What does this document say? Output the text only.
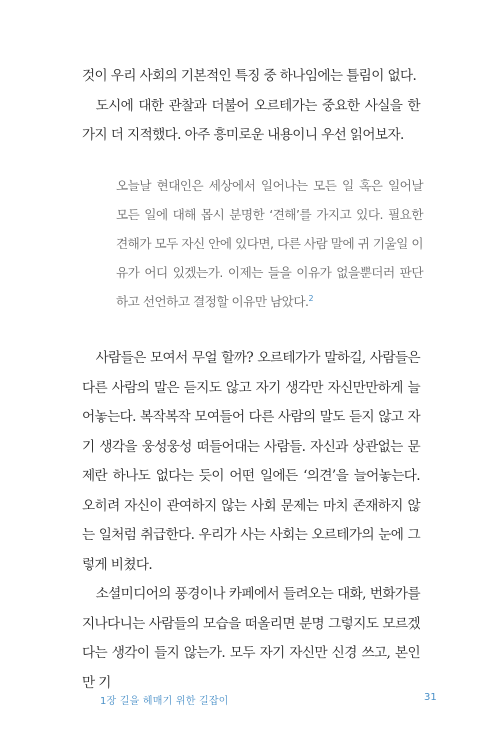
것이 우리 사회의 기본적인 특징 중 하나임에는 틀림이 없다.

도시에 대한 관찰과 더불어 오르테가는 중요한 사실을 한 가지 더 지적했다. 아주 흥미로운 내용이니 우선 읽어보자.

오늘날 현대인은 세상에서 일어나는 모든 일 혹은 일어날 모든 일에 대해 몹시 분명한 ‘견해’를 가지고 있다. 필요한 견해가 모두 자신 안에 있다면, 다른 사람 말에 귀 기울일 이유가 어디 있겠는가. 이제는 들을 이유가 없을뿐더러 판단하고 선언하고 결정할 이유만 남았다.$^2$

사람들은 모여서 무얼 할까? 오르테가가 말하길, 사람들은 다른 사람의 말은 듣지도 않고 자기 생각만 자신만만하게 늘어놓는다. 복작복작 모여들어 다른 사람의 말도 듣지 않고 자기 생각을 웅성웅성 떠들어대는 사람들. 자신과 상관없는 문제란 하나도 없다는 듯이 어떤 일에든 ‘의견’을 늘어놓는다. 오히려 자신이 관여하지 않는 사회 문제는 마치 존재하지 않는 일처럼 취급한다. 우리가 사는 사회는 오르테가의 눈에 그렇게 비쳤다.

소셜미디어의 풍경이나 카페에서 들려오는 대화, 번화가를 지나다니는 사람들의 모습을 떠올리면 분명 그렇지도 모르겠다는 생각이 들지 않는가. 모두 자기 자신만 신경 쓰고, 본인만 기

1장 길을 헤매기 위한 길잡이	31
